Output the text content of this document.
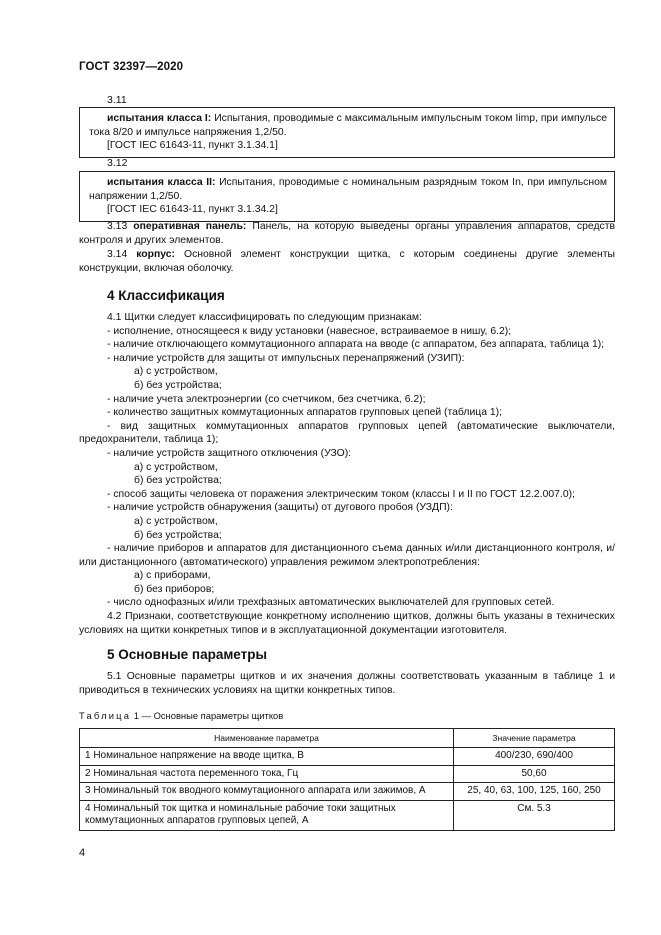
ГОСТ 32397—2020
3.11

испытания класса I: Испытания, проводимые с максимальным импульсным током Iimp, при импульсе тока 8/20 и импульсе напряжения 1,2/50.

[ГОСТ IEC 61643-11, пункт 3.1.34.1]

3.12

испытания класса II: Испытания, проводимые с номинальным разрядным током In, при импульсном напряжении 1,2/50.

[ГОСТ IEC 61643-11, пункт 3.1.34.2]

3.13 оперативная панель: Панель, на которую выведены органы управления аппаратов, средств контроля и других элементов.

3.14 корпус: Основной элемент конструкции щитка, с которым соединены другие элементы конструкции, включая оболочку.

4 Классификация
4.1 Щитки следует классифицировать по следующим признакам:
- исполнение, относящееся к виду установки (навесное, встраиваемое в нишу, 6.2);
- наличие отключающего коммутационного аппарата на вводе (с аппаратом, без аппарата, таблица 1);
- наличие устройств для защиты от импульсных перенапряжений (УЗИП):
а) с устройством,
б) без устройства;
- наличие учета электроэнергии (со счетчиком, без счетчика, 6.2);
- количество защитных коммутационных аппаратов групповых цепей (таблица 1);
- вид защитных коммутационных аппаратов групповых цепей (автоматические выключатели, предохранители, таблица 1);
- наличие устройств защитного отключения (УЗО):
а) с устройством,
б) без устройства;
- способ защиты человека от поражения электрическим током (классы I и II по ГОСТ 12.2.007.0);
- наличие устройств обнаружения (защиты) от дугового пробоя (УЗДП):
а) с устройством,
б) без устройства;
- наличие приборов и аппаратов для дистанционного съема данных и/или дистанционного контроля, и/или дистанционного (автоматического) управления режимом электропотребления:
а) с приборами,
б) без приборов;
- число однофазных и/или трехфазных автоматических выключателей для групповых сетей.
4.2 Признаки, соответствующие конкретному исполнению щитков, должны быть указаны в технических условиях на щитки конкретных типов и в эксплуатационной документации изготовителя.
5 Основные параметры

5.1 Основные параметры щитков и их значения должны соответствовать указанным в таблице 1 и приводиться в технических условиях на щитки конкретных типов.

Таблица 1 — Основные параметры щитков
Наименование параметра	Значение параметра
1 Номинальное напряжение на вводе щитка, В	400/230, 690/400
2 Номинальная частота переменного тока, Гц	50,60
3 Номинальный ток вводного коммутационного аппарата или зажимов, А	25, 40, 63, 100, 125, 160, 250
4 Номинальный ток щитка и номинальные рабочие токи защитных коммутационных аппаратов групповых цепей, А	См. 5.3
4
